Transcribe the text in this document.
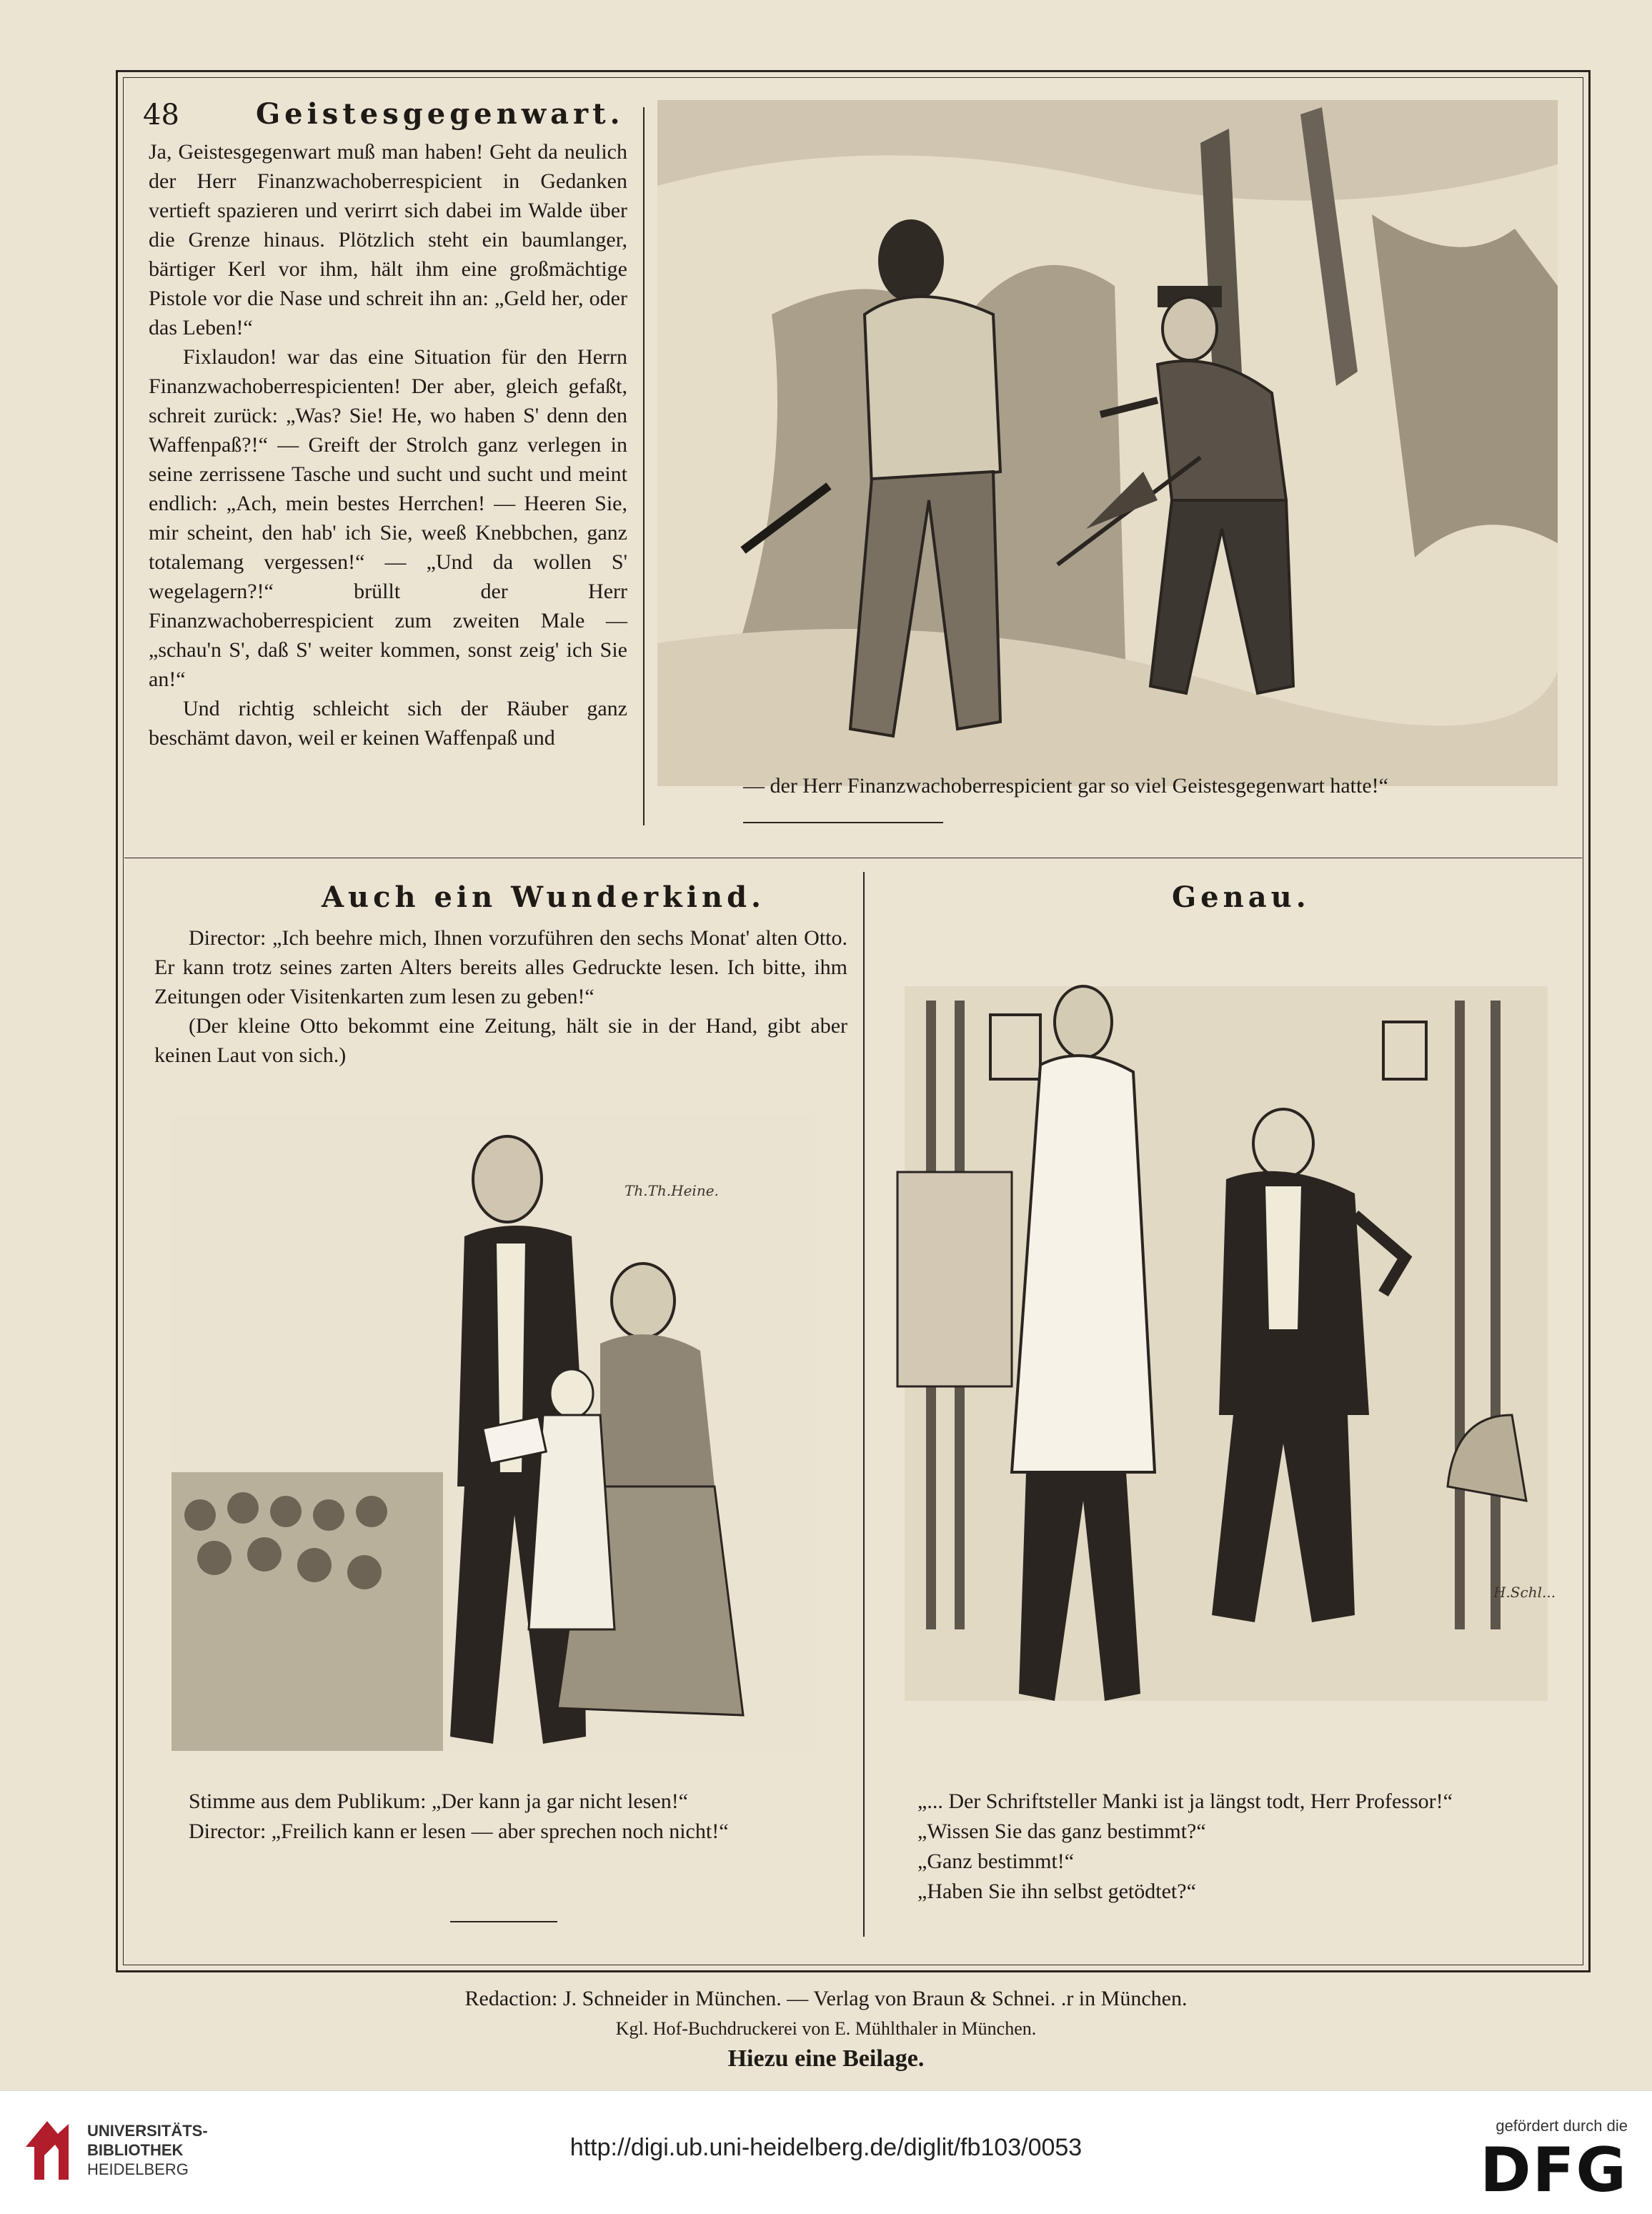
48	Geistesgegenwart.

Ja, Geistesgegenwart muß man haben! Geht da neulich der Herr Finanzwachoberrespicient in Gedanken vertieft spazieren und verirrt sich dabei im Walde über die Grenze hinaus. Plötzlich steht ein baumlanger, bärtiger Kerl vor ihm, hält ihm eine großmächtige Pistole vor die Nase und schreit ihn an: „Geld her, oder das Leben!“

Fixlaudon! war das eine Situation für den Herrn Finanzwachoberrespicienten! Der aber, gleich gefaßt, schreit zurück: „Was? Sie! He, wo haben S' denn den Waffenpaß?!“ — Greift der Strolch ganz verlegen in seine zerrissene Tasche und sucht und sucht und meint endlich: „Ach, mein bestes Herrchen! — Heeren Sie, mir scheint, den hab' ich Sie, weeß Knebbchen, ganz totalemang vergessen!“ — „Und da wollen S' wegelagern?!“ brüllt der Herr Finanzwachoberrespicient zum zweiten Male — „schau'n S', daß S' weiter kommen, sonst zeig' ich Sie an!“

Und richtig schleicht sich der Räuber ganz beschämt davon, weil er keinen Waffenpaß und

— der Herr Finanzwachoberrespicient gar so viel Geistesgegenwart hatte!“
Auch ein Wunderkind.

Director: „Ich beehre mich, Ihnen vorzuführen den sechs Monat' alten Otto. Er kann trotz seines zarten Alters bereits alles Gedruckte lesen. Ich bitte, ihm Zeitungen oder Visitenkarten zum lesen zu geben!“

(Der kleine Otto bekommt eine Zeitung, hält sie in der Hand, gibt aber keinen Laut von sich.)

Th.Th.Heine.

Stimme aus dem Publikum: „Der kann ja gar nicht lesen!“

Director: „Freilich kann er lesen — aber sprechen noch nicht!“

Genau.
H.Schl...

„... Der Schriftsteller Manki ist ja längst todt, Herr Professor!“

„Wissen Sie das ganz bestimmt?“

„Ganz bestimmt!“

„Haben Sie ihn selbst getödtet?“

Redaction: J. Schneider in München. — Verlag von Braun & Schnei. .r in München.
Kgl. Hof-Buchdruckerei von E. Mühlthaler in München.
Hiezu eine Beilage.
UNIVERSITÄTS-
BIBLIOTHEK
HEIDELBERG
http://digi.ub.uni-heidelberg.de/diglit/fb103/0053
gefördert durch die
DFG
